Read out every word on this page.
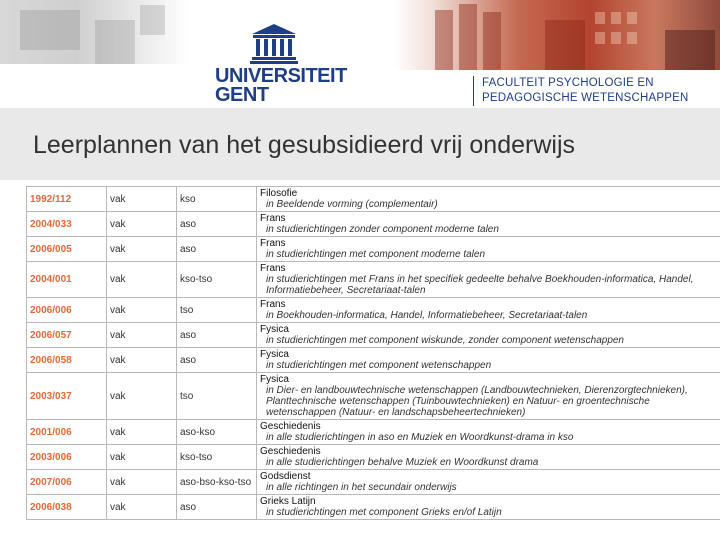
UNIVERSITEIT
GENT
FACULTEIT PSYCHOLOGIE EN
PEDAGOGISCHE WETENSCHAPPEN
Leerplannen van het gesubsidieerd vrij onderwijs
1992/112	vak	kso	Filosofie
in Beeldende vorming (complementair)

2004/033	vak	aso	Frans
in studierichtingen zonder component moderne talen

2006/005	vak	aso	Frans
in studierichtingen met component moderne talen

2004/001	vak	kso-tso	Frans
in studierichtingen met Frans in het specifiek gedeelte behalve Boekhouden-informatica, Handel, Informatiebeheer, Secretariaat-talen

2006/006	vak	tso	Frans
in Boekhouden-informatica, Handel, Informatiebeheer, Secretariaat-talen

2006/057	vak	aso	Fysica
in studierichtingen met component wiskunde, zonder component wetenschappen

2006/058	vak	aso	Fysica
in studierichtingen met component wetenschappen

2003/037	vak	tso	Fysica
in Dier- en landbouwtechnische wetenschappen (Landbouwtechnieken, Dierenzorgtechnieken), Planttechnische wetenschappen (Tuinbouwtechnieken) en Natuur- en groentechnische wetenschappen (Natuur- en landschapsbeheertechnieken)

2001/006	vak	aso-kso	Geschiedenis
in alle studierichtingen in aso en Muziek en Woordkunst-drama in kso

2003/006	vak	kso-tso	Geschiedenis
in alle studierichtingen behalve Muziek en Woordkunst drama

2007/006	vak	aso-bso-kso-tso	Godsdienst
in alle richtingen in het secundair onderwijs

2006/038	vak	aso	Grieks Latijn
in studierichtingen met component Grieks en/of Latijn
